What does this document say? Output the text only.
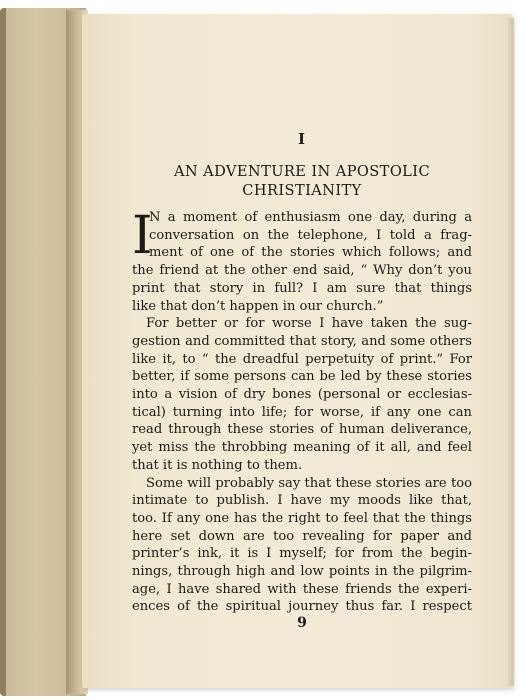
I
AN ADVENTURE IN APOSTOLIC
CHRISTIANITY
I
N a moment of enthusiasm one day, during a
conversation on the telephone, I told a frag-
ment of one of the stories which follows; and
the friend at the other end said, “ Why don’t you
print that story in full? I am sure that things
like that don’t happen in our church.”
For better or for worse I have taken the sug-
gestion and committed that story, and some others
like it, to “ the dreadful perpetuity of print.” For
better, if some persons can be led by these stories
into a vision of dry bones (personal or ecclesias-
tical) turning into life; for worse, if any one can
read through these stories of human deliverance,
yet miss the throbbing meaning of it all, and feel
that it is nothing to them.
Some will probably say that these stories are too
intimate to publish. I have my moods like that,
too. If any one has the right to feel that the things
here set down are too revealing for paper and
printer’s ink, it is I myself; for from the begin-
nings, through high and low points in the pilgrim-
age, I have shared with these friends the experi-
ences of the spiritual journey thus far. I respect
9
